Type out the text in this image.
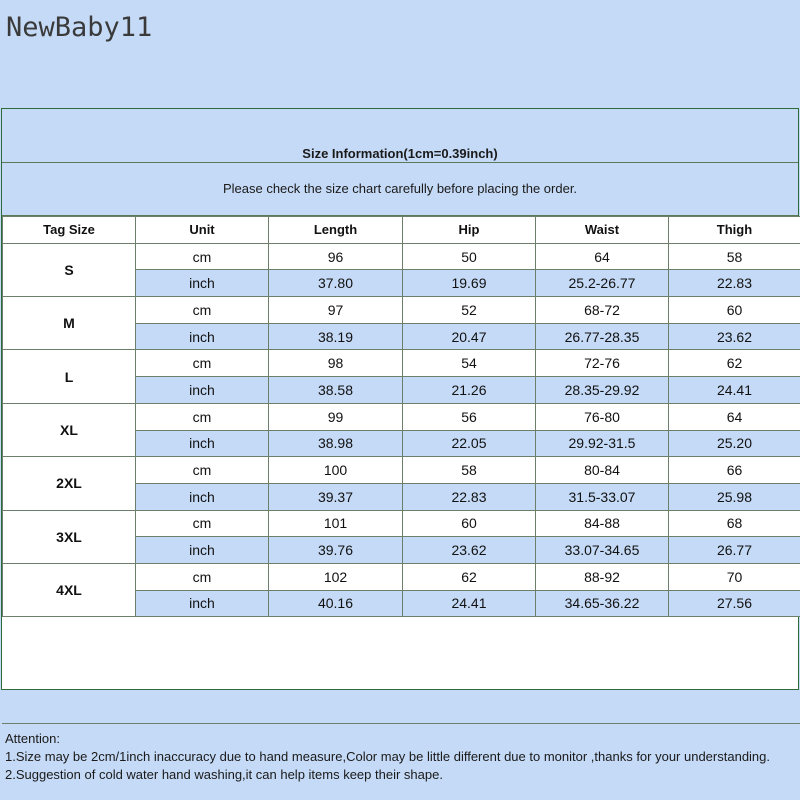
NewBaby11
Size Information(1cm=0.39inch)
Please check the size chart carefully before placing the order.
Tag Size	Unit	Length	Hip	Waist	Thigh
S	cm	96	50	64	58
	inch	37.80	19.69	25.2-26.77	22.83
M	cm	97	52	68-72	60
	inch	38.19	20.47	26.77-28.35	23.62
L	cm	98	54	72-76	62
	inch	38.58	21.26	28.35-29.92	24.41
XL	cm	99	56	76-80	64
	inch	38.98	22.05	29.92-31.5	25.20
2XL	cm	100	58	80-84	66
	inch	39.37	22.83	31.5-33.07	25.98
3XL	cm	101	60	84-88	68
	inch	39.76	23.62	33.07-34.65	26.77
4XL	cm	102	62	88-92	70
	inch	40.16	24.41	34.65-36.22	27.56
Attention:
1.Size may be 2cm/1inch inaccuracy due to hand measure,Color may be little different due to monitor ,thanks for your understanding.
2.Suggestion of cold water hand washing,it can help items keep their shape.
